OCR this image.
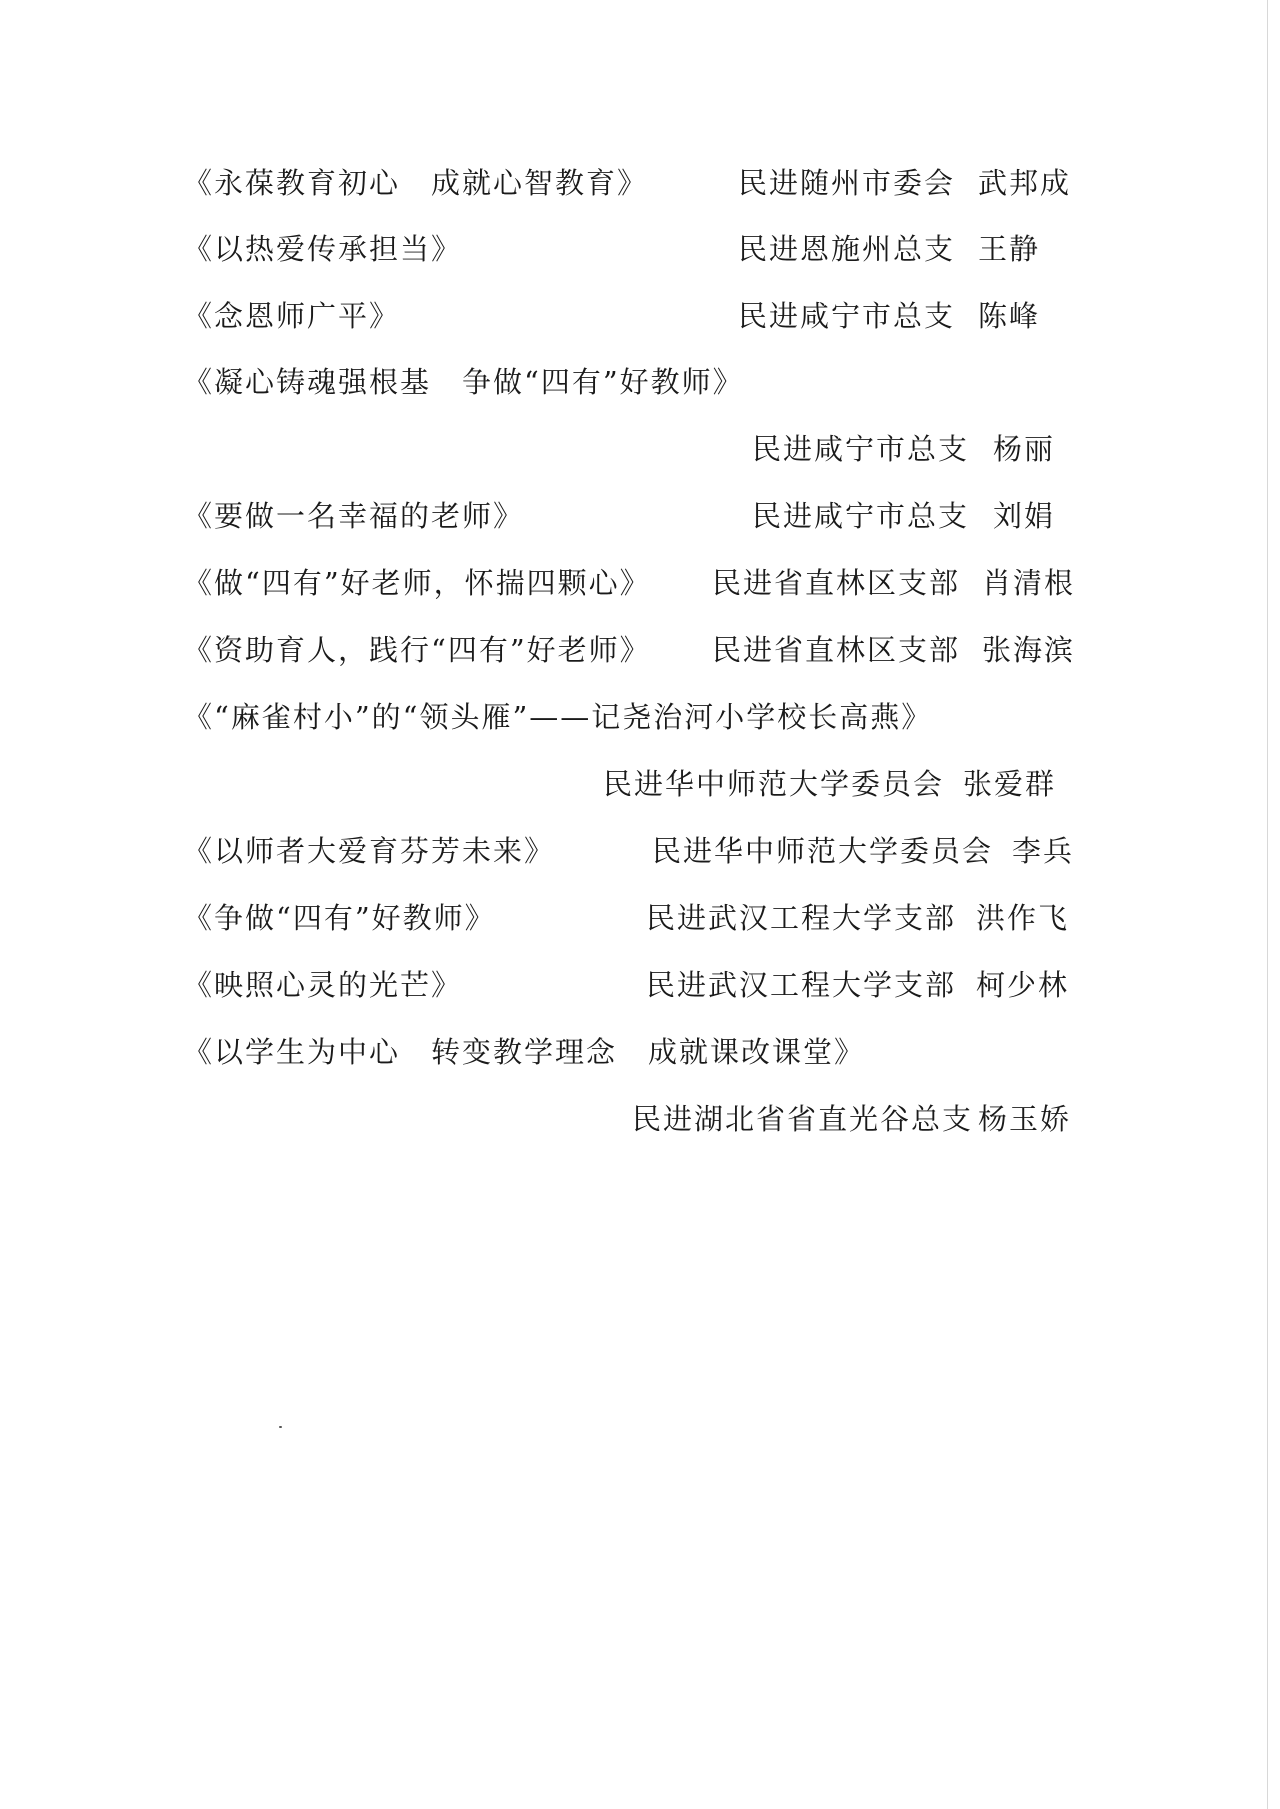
《永葆教育初心　成就心智教育》	民进随州市委会 武邦成
《以热爱传承担当》	民进恩施州总支 王静
《念恩师广平》	民进咸宁市总支 陈峰
《凝心铸魂强根基　争做“四有”好教师》
民进咸宁市总支 杨丽
《要做一名幸福的老师》	民进咸宁市总支 刘娟
《做“四有”好老师，怀揣四颗心》 民进省直林区支部 肖清根
《资助育人，践行“四有”好老师》 民进省直林区支部 张海滨
《“麻雀村小”的“领头雁”——记尧治河小学校长高燕》
民进华中师范大学委员会 张爱群
《以师者大爱育芬芳未来》	民进华中师范大学委员会 李兵
《争做“四有”好教师》	民进武汉工程大学支部 洪作飞
《映照心灵的光芒》	民进武汉工程大学支部 柯少林
《以学生为中心　转变教学理念　成就课改课堂》
民进湖北省省直光谷总支 杨玉娇
